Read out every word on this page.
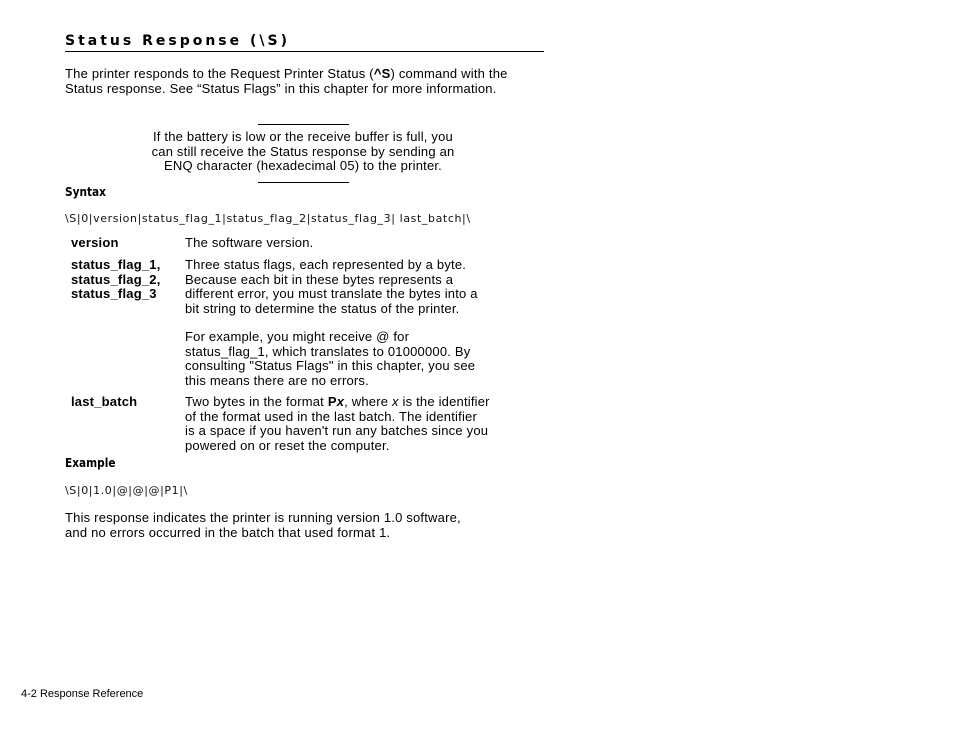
Status Response (\S)
The printer responds to the Request Printer Status (^S) command with the Status response. See “Status Flags” in this chapter for more information.
If the battery is low or the receive buffer is full, you
can still receive the Status response by sending an
ENQ character (hexadecimal 05) to the printer.
Syntax
\S|0|version|status_flag_1|status_flag_2|status_flag_3| last_batch|\
version	The software version.
status_flag_1,
status_flag_2,
status_flag_3
Three status flags, each represented by a byte.
Because each bit in these bytes represents a
different error, you must translate the bytes into a
bit string to determine the status of the printer.
For example, you might receive @ for
status_flag_1, which translates to 01000000. By
consulting "Status Flags" in this chapter, you see
this means there are no errors.
last_batch	Two bytes in the format Px, where x is the identifier
of the format used in the last batch. The identifier
is a space if you haven't run any batches since you
powered on or reset the computer.
Example
\S|0|1.0|@|@|@|P1|\
This response indicates the printer is running version 1.0 software,
and no errors occurred in the batch that used format 1.
4-2 Response Reference
